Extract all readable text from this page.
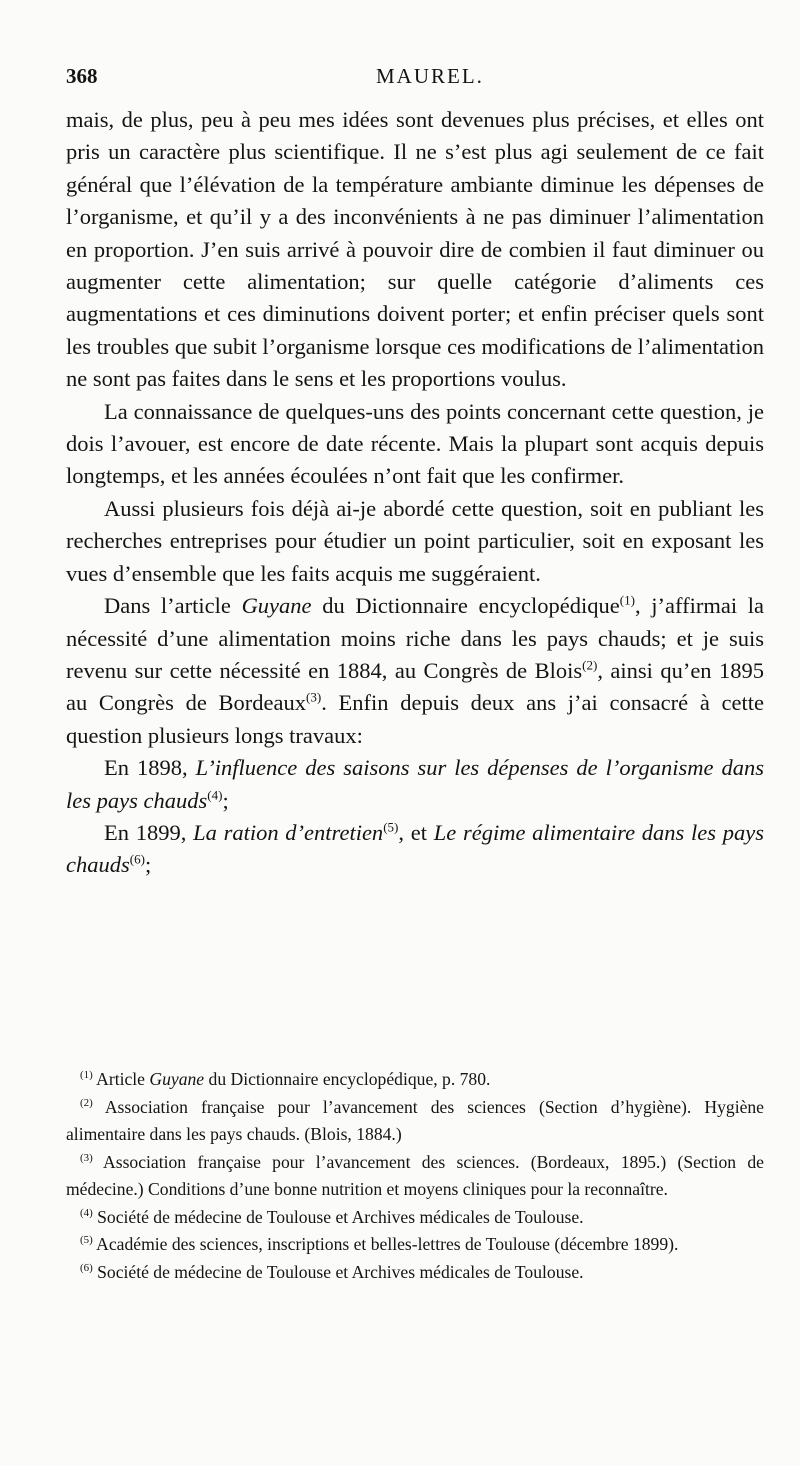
368	MAUREL.

mais, de plus, peu à peu mes idées sont devenues plus précises, et elles ont pris un caractère plus scientifique. Il ne s’est plus agi seulement de ce fait général que l’élévation de la température ambiante diminue les dépenses de l’organisme, et qu’il y a des inconvénients à ne pas diminuer l’alimentation en proportion. J’en suis arrivé à pouvoir dire de combien il faut diminuer ou augmenter cette alimentation; sur quelle catégorie d’aliments ces augmentations et ces diminutions doivent porter; et enfin préciser quels sont les troubles que subit l’organisme lorsque ces modifications de l’alimentation ne sont pas faites dans le sens et les proportions voulus.

La connaissance de quelques-uns des points concernant cette question, je dois l’avouer, est encore de date récente. Mais la plupart sont acquis depuis longtemps, et les années écoulées n’ont fait que les confirmer.

Aussi plusieurs fois déjà ai-je abordé cette question, soit en publiant les recherches entreprises pour étudier un point particulier, soit en exposant les vues d’ensemble que les faits acquis me suggéraient.

Dans l’article Guyane du Dictionnaire encyclopédique$^{(1)}$, j’affirmai la nécessité d’une alimentation moins riche dans les pays chauds; et je suis revenu sur cette nécessité en 1884, au Congrès de Blois$^{(2)}$, ainsi qu’en 1895 au Congrès de Bordeaux$^{(3)}$. Enfin depuis deux ans j’ai consacré à cette question plusieurs longs travaux:

En 1898, L’influence des saisons sur les dépenses de l’organisme dans les pays chauds$^{(4)}$;

En 1899, La ration d’entretien$^{(5)}$, et Le régime alimentaire dans les pays chauds$^{(6)}$;

$^{(1)}$ Article Guyane du Dictionnaire encyclopédique, p. 780.

$^{(2)}$ Association française pour l’avancement des sciences (Section d’hygiène). Hygiène alimentaire dans les pays chauds. (Blois, 1884.)

$^{(3)}$ Association française pour l’avancement des sciences. (Bordeaux, 1895.) (Section de médecine.) Conditions d’une bonne nutrition et moyens cliniques pour la reconnaître.

$^{(4)}$ Société de médecine de Toulouse et Archives médicales de Toulouse.

$^{(5)}$ Académie des sciences, inscriptions et belles-lettres de Toulouse (décembre 1899).

$^{(6)}$ Société de médecine de Toulouse et Archives médicales de Toulouse.
